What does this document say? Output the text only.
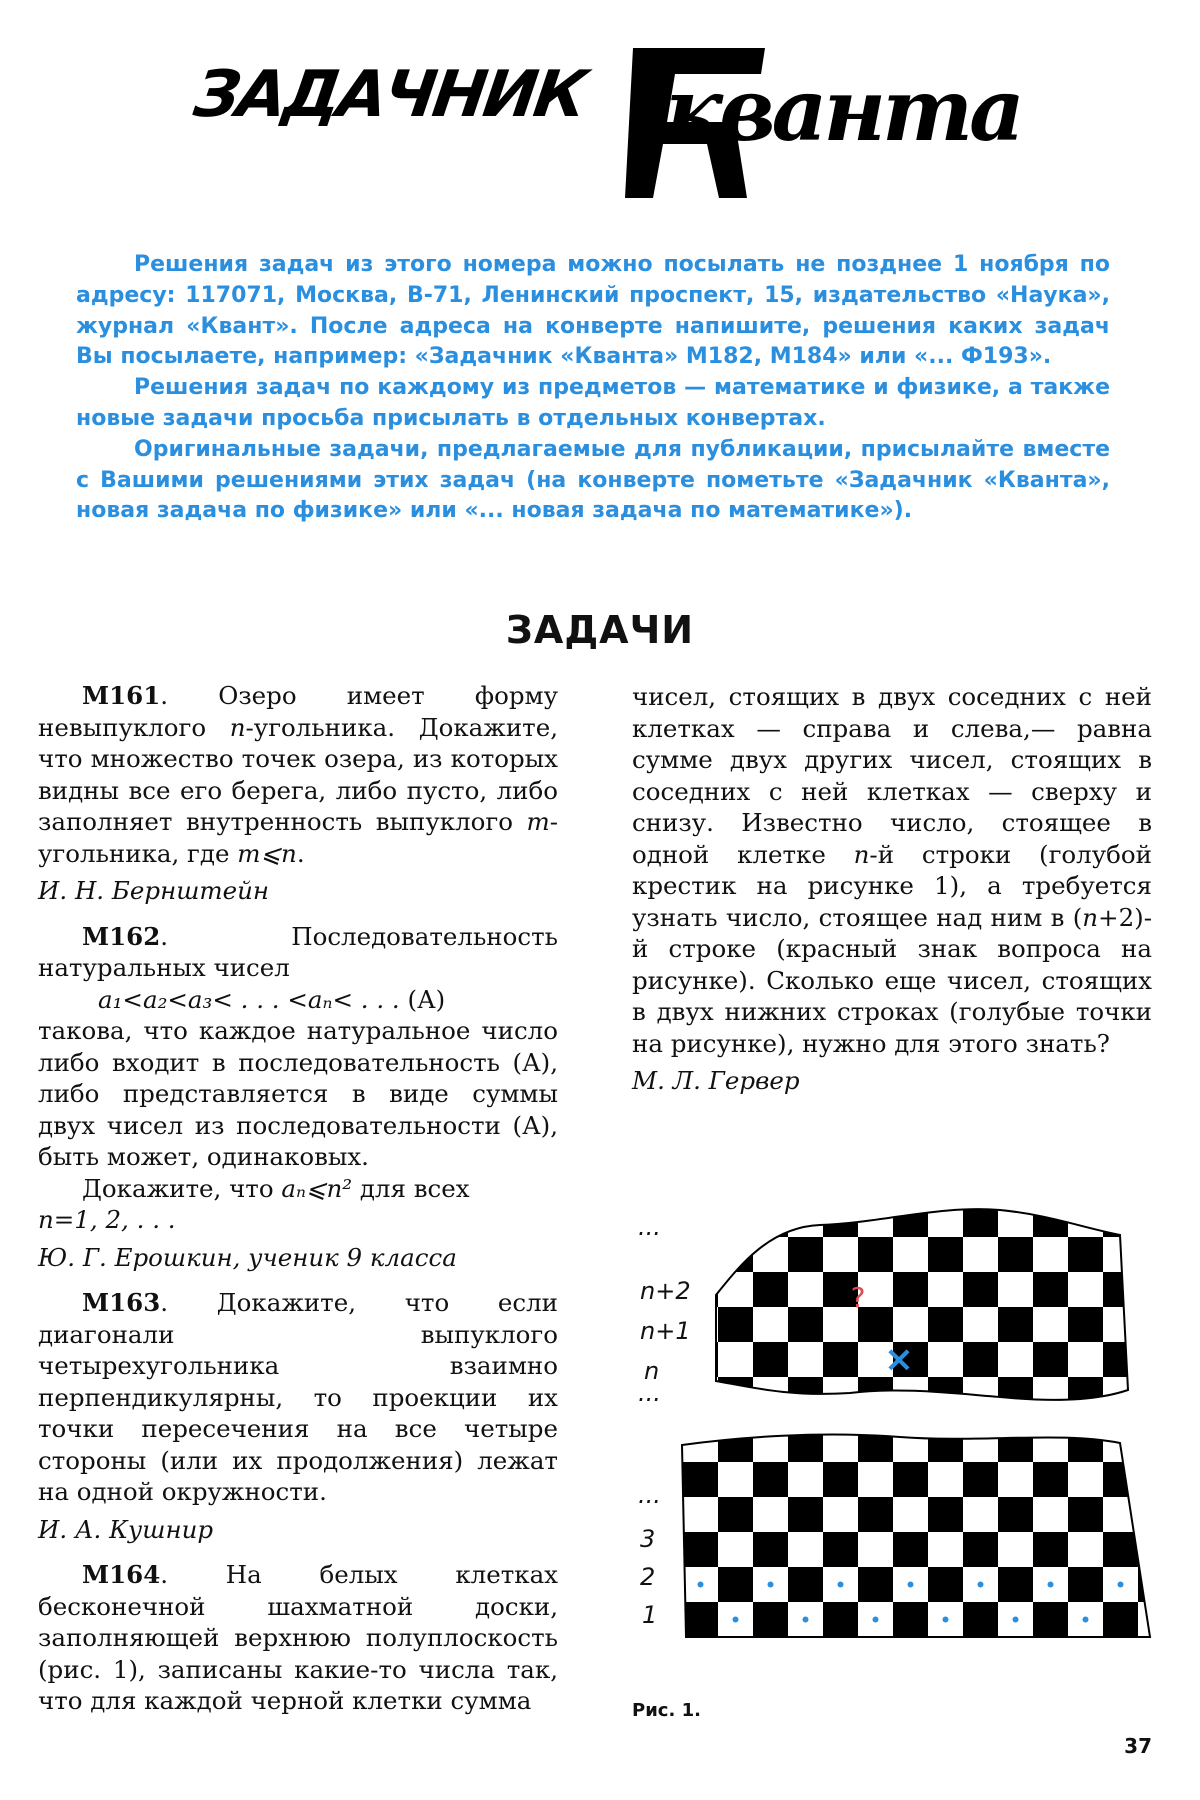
ЗАДАЧНИК кванта

Решения задач из этого номера можно посылать не позднее 1 ноября по адресу: 117071, Москва, В-71, Ленинский проспект, 15, издательство «Наука», журнал «Квант». После адреса на конверте напишите, решения каких задач Вы посылаете, например: «Задачник «Кванта» М182, М184» или «... Ф193».

Решения задач по каждому из предметов — математике и физике, а также новые задачи просьба присылать в отдельных конвертах.

Оригинальные задачи, предлагаемые для публикации, присылайте вместе с Вашими решениями этих задач (на конверте пометьте «Задачник «Кванта», новая задача по физике» или «... новая задача по математике»).

ЗАДАЧИ

М161. Озеро имеет форму невыпуклого n-угольника. Докажите, что множество точек озера, из которых видны все его берега, либо пусто, либо заполняет внутренность выпуклого m-угольника, где m⩽n.

И. Н. Бернштейн

М162. Последовательность натуральных чисел

a₁<a₂<a₃< . . . <aₙ< . . . (А)

такова, что каждое натуральное число либо входит в последовательность (А), либо представляется в виде суммы двух чисел из последовательности (А), быть может, одинаковых.

Докажите, что aₙ⩽n² для всех

n=1, 2, . . .

Ю. Г. Ерошкин, ученик 9 класса

М163. Докажите, что если диагонали выпуклого четырехугольника взаимно перпендикулярны, то проекции их точки пересечения на все четыре стороны (или их продолжения) лежат на одной окружности.

И. А. Кушнир

М164. На белых клетках бесконечной шахматной доски, заполняющей верхнюю полуплоскость (рис. 1), записаны какие-то числа так, что для каждой черной клетки сумма

чисел, стоящих в двух соседних с ней клетках — справа и слева,— равна сумме двух других чисел, стоящих в соседних с ней клетках — сверху и снизу. Известно число, стоящее в одной клетке n-й строки (голубой крестик на рисунке 1), а требуется узнать число, стоящее над ним в (n+2)-й строке (красный знак вопроса на рисунке). Сколько еще чисел, стоящих в двух нижних строках (голубые точки на рисунке), нужно для этого знать?

М. Л. Гервер

...
n+2
n+1
n
...
...
3
2
1
?
×
Рис. 1.
37
